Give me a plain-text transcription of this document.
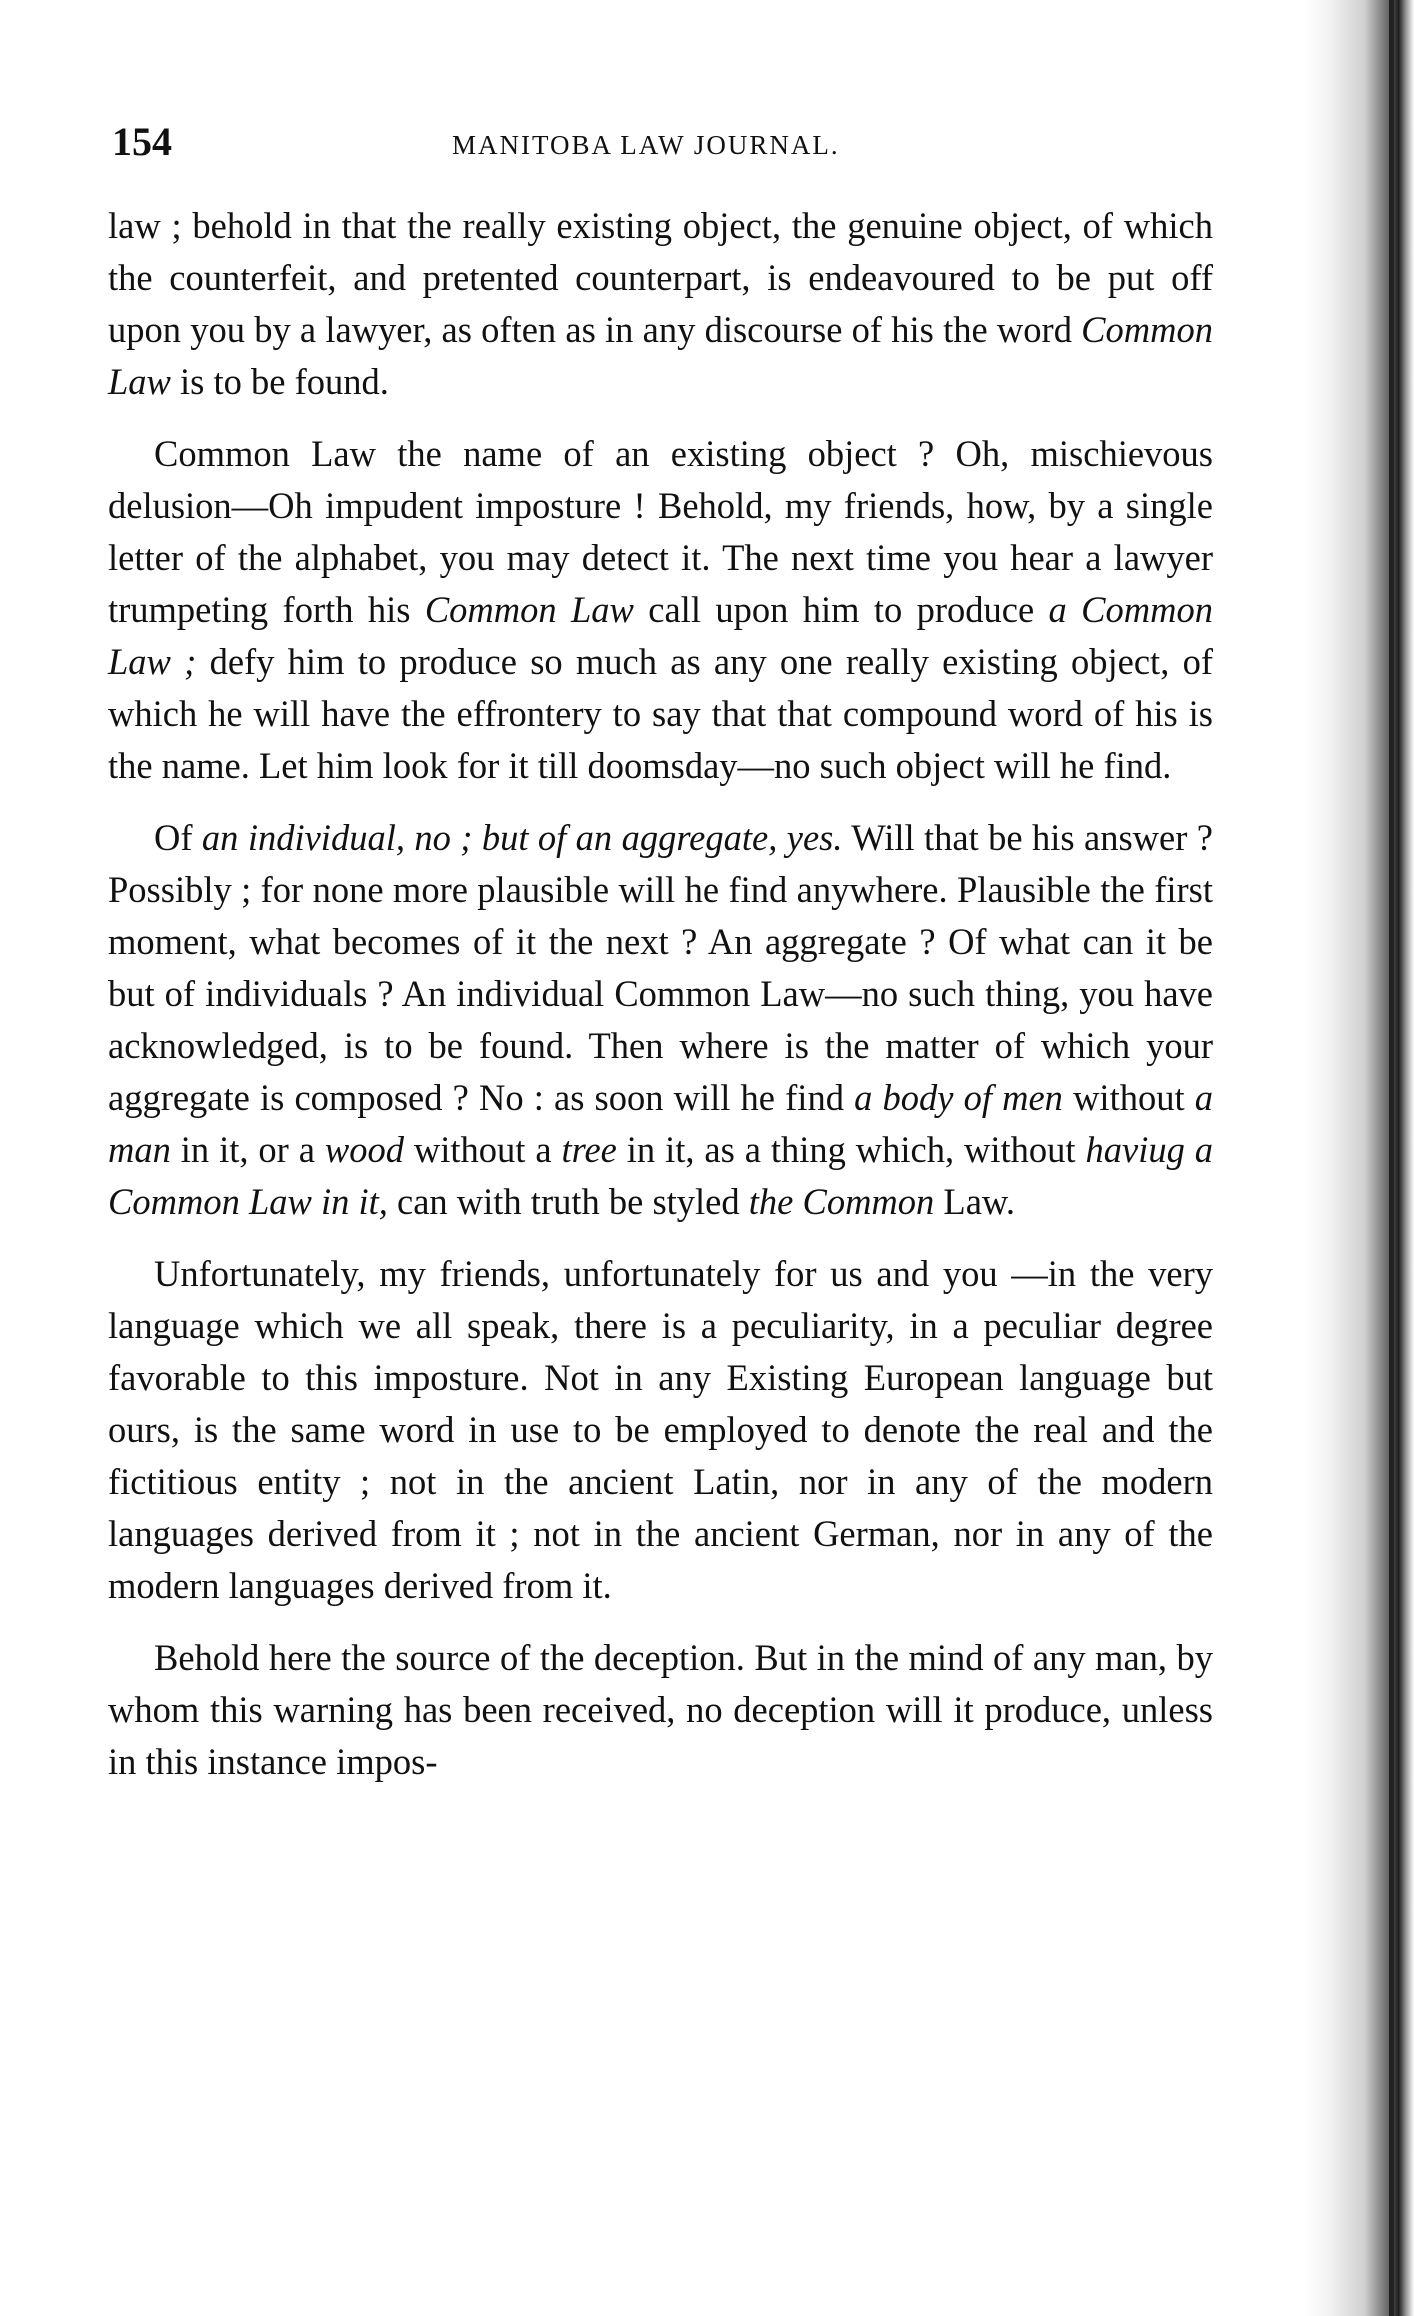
154	MANITOBA LAW JOURNAL.

law ; behold in that the really existing object, the genuine object, of which the counterfeit, and pretented counterpart, is endeavoured to be put off upon you by a lawyer, as often as in any discourse of his the word Common Law is to be found.

Common Law the name of an existing object ? Oh, mischievous delusion—Oh impudent imposture ! Behold, my friends, how, by a single letter of the alphabet, you may detect it. The next time you hear a lawyer trumpeting forth his Common Law call upon him to produce a Common Law ; defy him to produce so much as any one really existing object, of which he will have the effrontery to say that that compound word of his is the name. Let him look for it till doomsday—no such object will he find.

Of an individual, no ; but of an aggregate, yes. Will that be his answer ? Possibly ; for none more plausible will he find anywhere. Plausible the first moment, what becomes of it the next ? An aggregate ? Of what can it be but of individuals ? An individual Common Law—no such thing, you have acknowledged, is to be found. Then where is the matter of which your aggregate is composed ? No : as soon will he find a body of men without a man in it, or a wood without a tree in it, as a thing which, without haviug a Common Law in it, can with truth be styled the Common Law.

Unfortunately, my friends, unfortunately for us and you —in the very language which we all speak, there is a peculiarity, in a peculiar degree favorable to this imposture. Not in any Existing European language but ours, is the same word in use to be employed to denote the real and the fictitious entity ; not in the ancient Latin, nor in any of the modern languages derived from it ; not in the ancient German, nor in any of the modern languages derived from it.

Behold here the source of the deception. But in the mind of any man, by whom this warning has been received, no deception will it produce, unless in this instance impos-
